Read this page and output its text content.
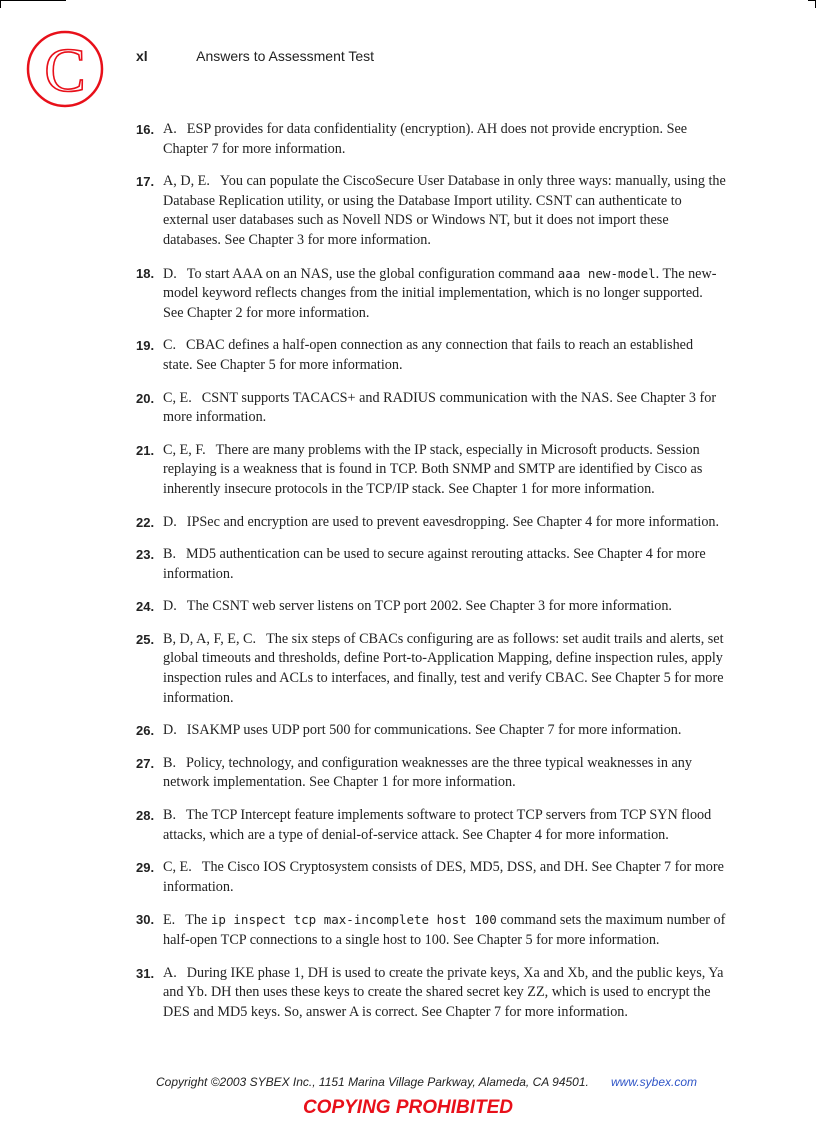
C	xl	Answers to Assessment Test
16. A. ESP provides for data confidentiality (encryption). AH does not provide encryption. See Chapter 7 for more information.
17. A, D, E. You can populate the CiscoSecure User Database in only three ways: manually, using the Database Replication utility, or using the Database Import utility. CSNT can authenticate to external user databases such as Novell NDS or Windows NT, but it does not import these databases. See Chapter 3 for more information.
18. D. To start AAA on an NAS, use the global configuration command aaa new-model. The new-model keyword reflects changes from the initial implementation, which is no longer supported. See Chapter 2 for more information.
19. C. CBAC defines a half-open connection as any connection that fails to reach an established state. See Chapter 5 for more information.
20. C, E. CSNT supports TACACS+ and RADIUS communication with the NAS. See Chapter 3 for more information.
21. C, E, F. There are many problems with the IP stack, especially in Microsoft products. Session replaying is a weakness that is found in TCP. Both SNMP and SMTP are identified by Cisco as inherently insecure protocols in the TCP/IP stack. See Chapter 1 for more information.
22. D. IPSec and encryption are used to prevent eavesdropping. See Chapter 4 for more information.
23. B. MD5 authentication can be used to secure against rerouting attacks. See Chapter 4 for more information.
24. D. The CSNT web server listens on TCP port 2002. See Chapter 3 for more information.
25. B, D, A, F, E, C. The six steps of CBACs configuring are as follows: set audit trails and alerts, set global timeouts and thresholds, define Port-to-Application Mapping, define inspection rules, apply inspection rules and ACLs to interfaces, and finally, test and verify CBAC. See Chapter 5 for more information.
26. D. ISAKMP uses UDP port 500 for communications. See Chapter 7 for more information.
27. B. Policy, technology, and configuration weaknesses are the three typical weaknesses in any network implementation. See Chapter 1 for more information.
28. B. The TCP Intercept feature implements software to protect TCP servers from TCP SYN flood attacks, which are a type of denial-of-service attack. See Chapter 4 for more information.
29. C, E. The Cisco IOS Cryptosystem consists of DES, MD5, DSS, and DH. See Chapter 7 for more information.
30. E. The ip inspect tcp max-incomplete host 100 command sets the maximum number of half-open TCP connections to a single host to 100. See Chapter 5 for more information.
31. A. During IKE phase 1, DH is used to create the private keys, Xa and Xb, and the public keys, Ya and Yb. DH then uses these keys to create the shared secret key ZZ, which is used to encrypt the DES and MD5 keys. So, answer A is correct. See Chapter 7 for more information.
Copyright ©2003 SYBEX Inc., 1151 Marina Village Parkway, Alameda, CA 94501. www.sybex.com
COPYING PROHIBITED
